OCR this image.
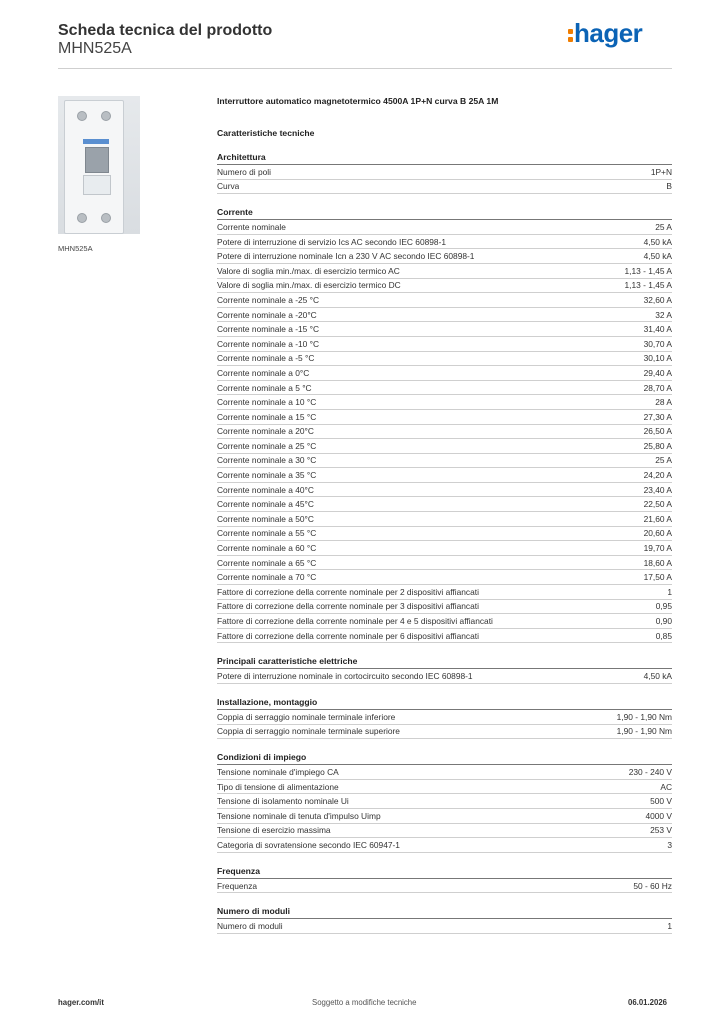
Scheda tecnica del prodotto
MHN525A
hager
MHN525A
Interruttore automatico magnetotermico 4500A 1P+N curva B 25A 1M
Caratteristiche tecniche
Architettura
Numero di poli	1P+N
Curva	B
Corrente
Corrente nominale	25 A
Potere di interruzione di servizio Ics AC secondo IEC 60898-1	4,50 kA
Potere di interruzione nominale Icn a 230 V AC secondo IEC 60898-1	4,50 kA
Valore di soglia min./max. di esercizio termico AC	1,13 - 1,45 A
Valore di soglia min./max. di esercizio termico DC	1,13 - 1,45 A
Corrente nominale a -25 °C	32,60 A
Corrente nominale a -20°C	32 A
Corrente nominale a -15 °C	31,40 A
Corrente nominale a -10 °C	30,70 A
Corrente nominale a -5 °C	30,10 A
Corrente nominale a 0°C	29,40 A
Corrente nominale a 5 °C	28,70 A
Corrente nominale a 10 °C	28 A
Corrente nominale a 15 °C	27,30 A
Corrente nominale a 20°C	26,50 A
Corrente nominale a 25 °C	25,80 A
Corrente nominale a 30 °C	25 A
Corrente nominale a 35 °C	24,20 A
Corrente nominale a 40°C	23,40 A
Corrente nominale a 45°C	22,50 A
Corrente nominale a 50°C	21,60 A
Corrente nominale a 55 °C	20,60 A
Corrente nominale a 60 °C	19,70 A
Corrente nominale a 65 °C	18,60 A
Corrente nominale a 70 °C	17,50 A
Fattore di correzione della corrente nominale per 2 dispositivi affiancati	1
Fattore di correzione della corrente nominale per 3 dispositivi affiancati	0,95
Fattore di correzione della corrente nominale per 4 e 5 dispositivi affiancati	0,90
Fattore di correzione della corrente nominale per 6 dispositivi affiancati	0,85
Principali caratteristiche elettriche
Potere di interruzione nominale in cortocircuito secondo IEC 60898-1	4,50 kA
Installazione, montaggio
Coppia di serraggio nominale terminale inferiore	1,90 - 1,90 Nm
Coppia di serraggio nominale terminale superiore	1,90 - 1,90 Nm
Condizioni di impiego
Tensione nominale d'impiego CA	230 - 240 V
Tipo di tensione di alimentazione	AC
Tensione di isolamento nominale Ui	500 V
Tensione nominale di tenuta d'impulso Uimp	4000 V
Tensione di esercizio massima	253 V
Categoria di sovratensione secondo IEC 60947-1	3
Frequenza
Frequenza	50 - 60 Hz
Numero di moduli
Numero di moduli	1
hager.com/it	Soggetto a modifiche tecniche	06.01.2026
